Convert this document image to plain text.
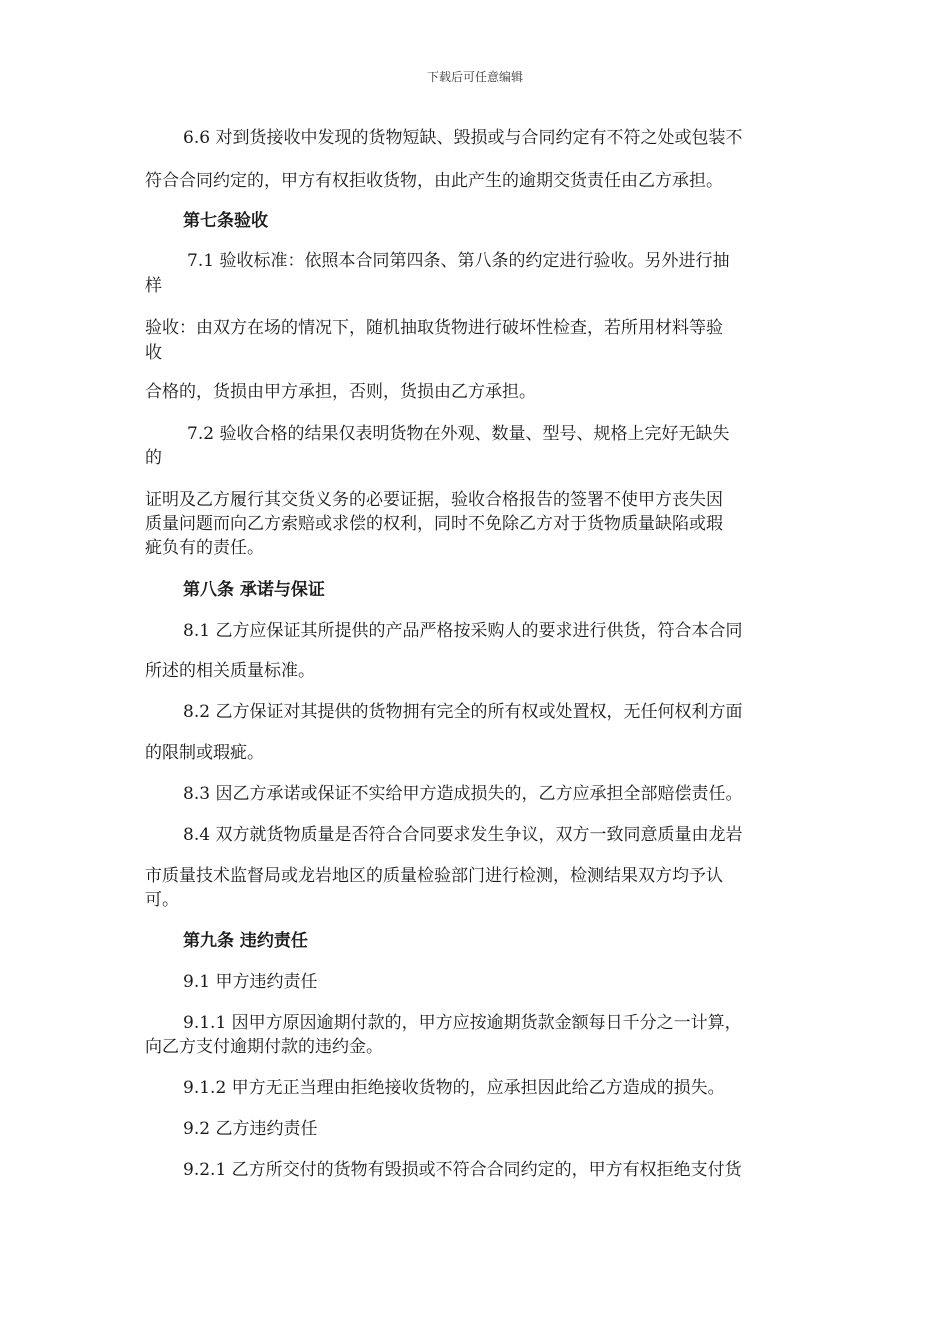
下载后可任意编辑

6.6 对到货接收中发现的货物短缺、毁损或与合同约定有不符之处或包装不

符合合同约定的，甲方有权拒收货物，由此产生的逾期交货责任由乙方承担。

第七条验收

7.1 验收标准：依照本合同第四条、第八条的约定进行验收。另外进行抽

样

验收：由双方在场的情况下，随机抽取货物进行破坏性检查，若所用材料等验

收

合格的，货损由甲方承担，否则，货损由乙方承担。

7.2 验收合格的结果仅表明货物在外观、数量、型号、规格上完好无缺失

的

证明及乙方履行其交货义务的必要证据，验收合格报告的签署不使甲方丧失因

质量问题而向乙方索赔或求偿的权利，同时不免除乙方对于货物质量缺陷或瑕

疵负有的责任。

第八条 承诺与保证

8.1 乙方应保证其所提供的产品严格按采购人的要求进行供货，符合本合同

所述的相关质量标准。

8.2 乙方保证对其提供的货物拥有完全的所有权或处置权，无任何权利方面

的限制或瑕疵。

8.3 因乙方承诺或保证不实给甲方造成损失的，乙方应承担全部赔偿责任。

8.4 双方就货物质量是否符合合同要求发生争议，双方一致同意质量由龙岩

市质量技术监督局或龙岩地区的质量检验部门进行检测，检测结果双方均予认

可。

第九条 违约责任

9.1 甲方违约责任

9.1.1 因甲方原因逾期付款的，甲方应按逾期货款金额每日千分之一计算，

向乙方支付逾期付款的违约金。

9.1.2 甲方无正当理由拒绝接收货物的，应承担因此给乙方造成的损失。

9.2 乙方违约责任

9.2.1 乙方所交付的货物有毁损或不符合合同约定的，甲方有权拒绝支付货
